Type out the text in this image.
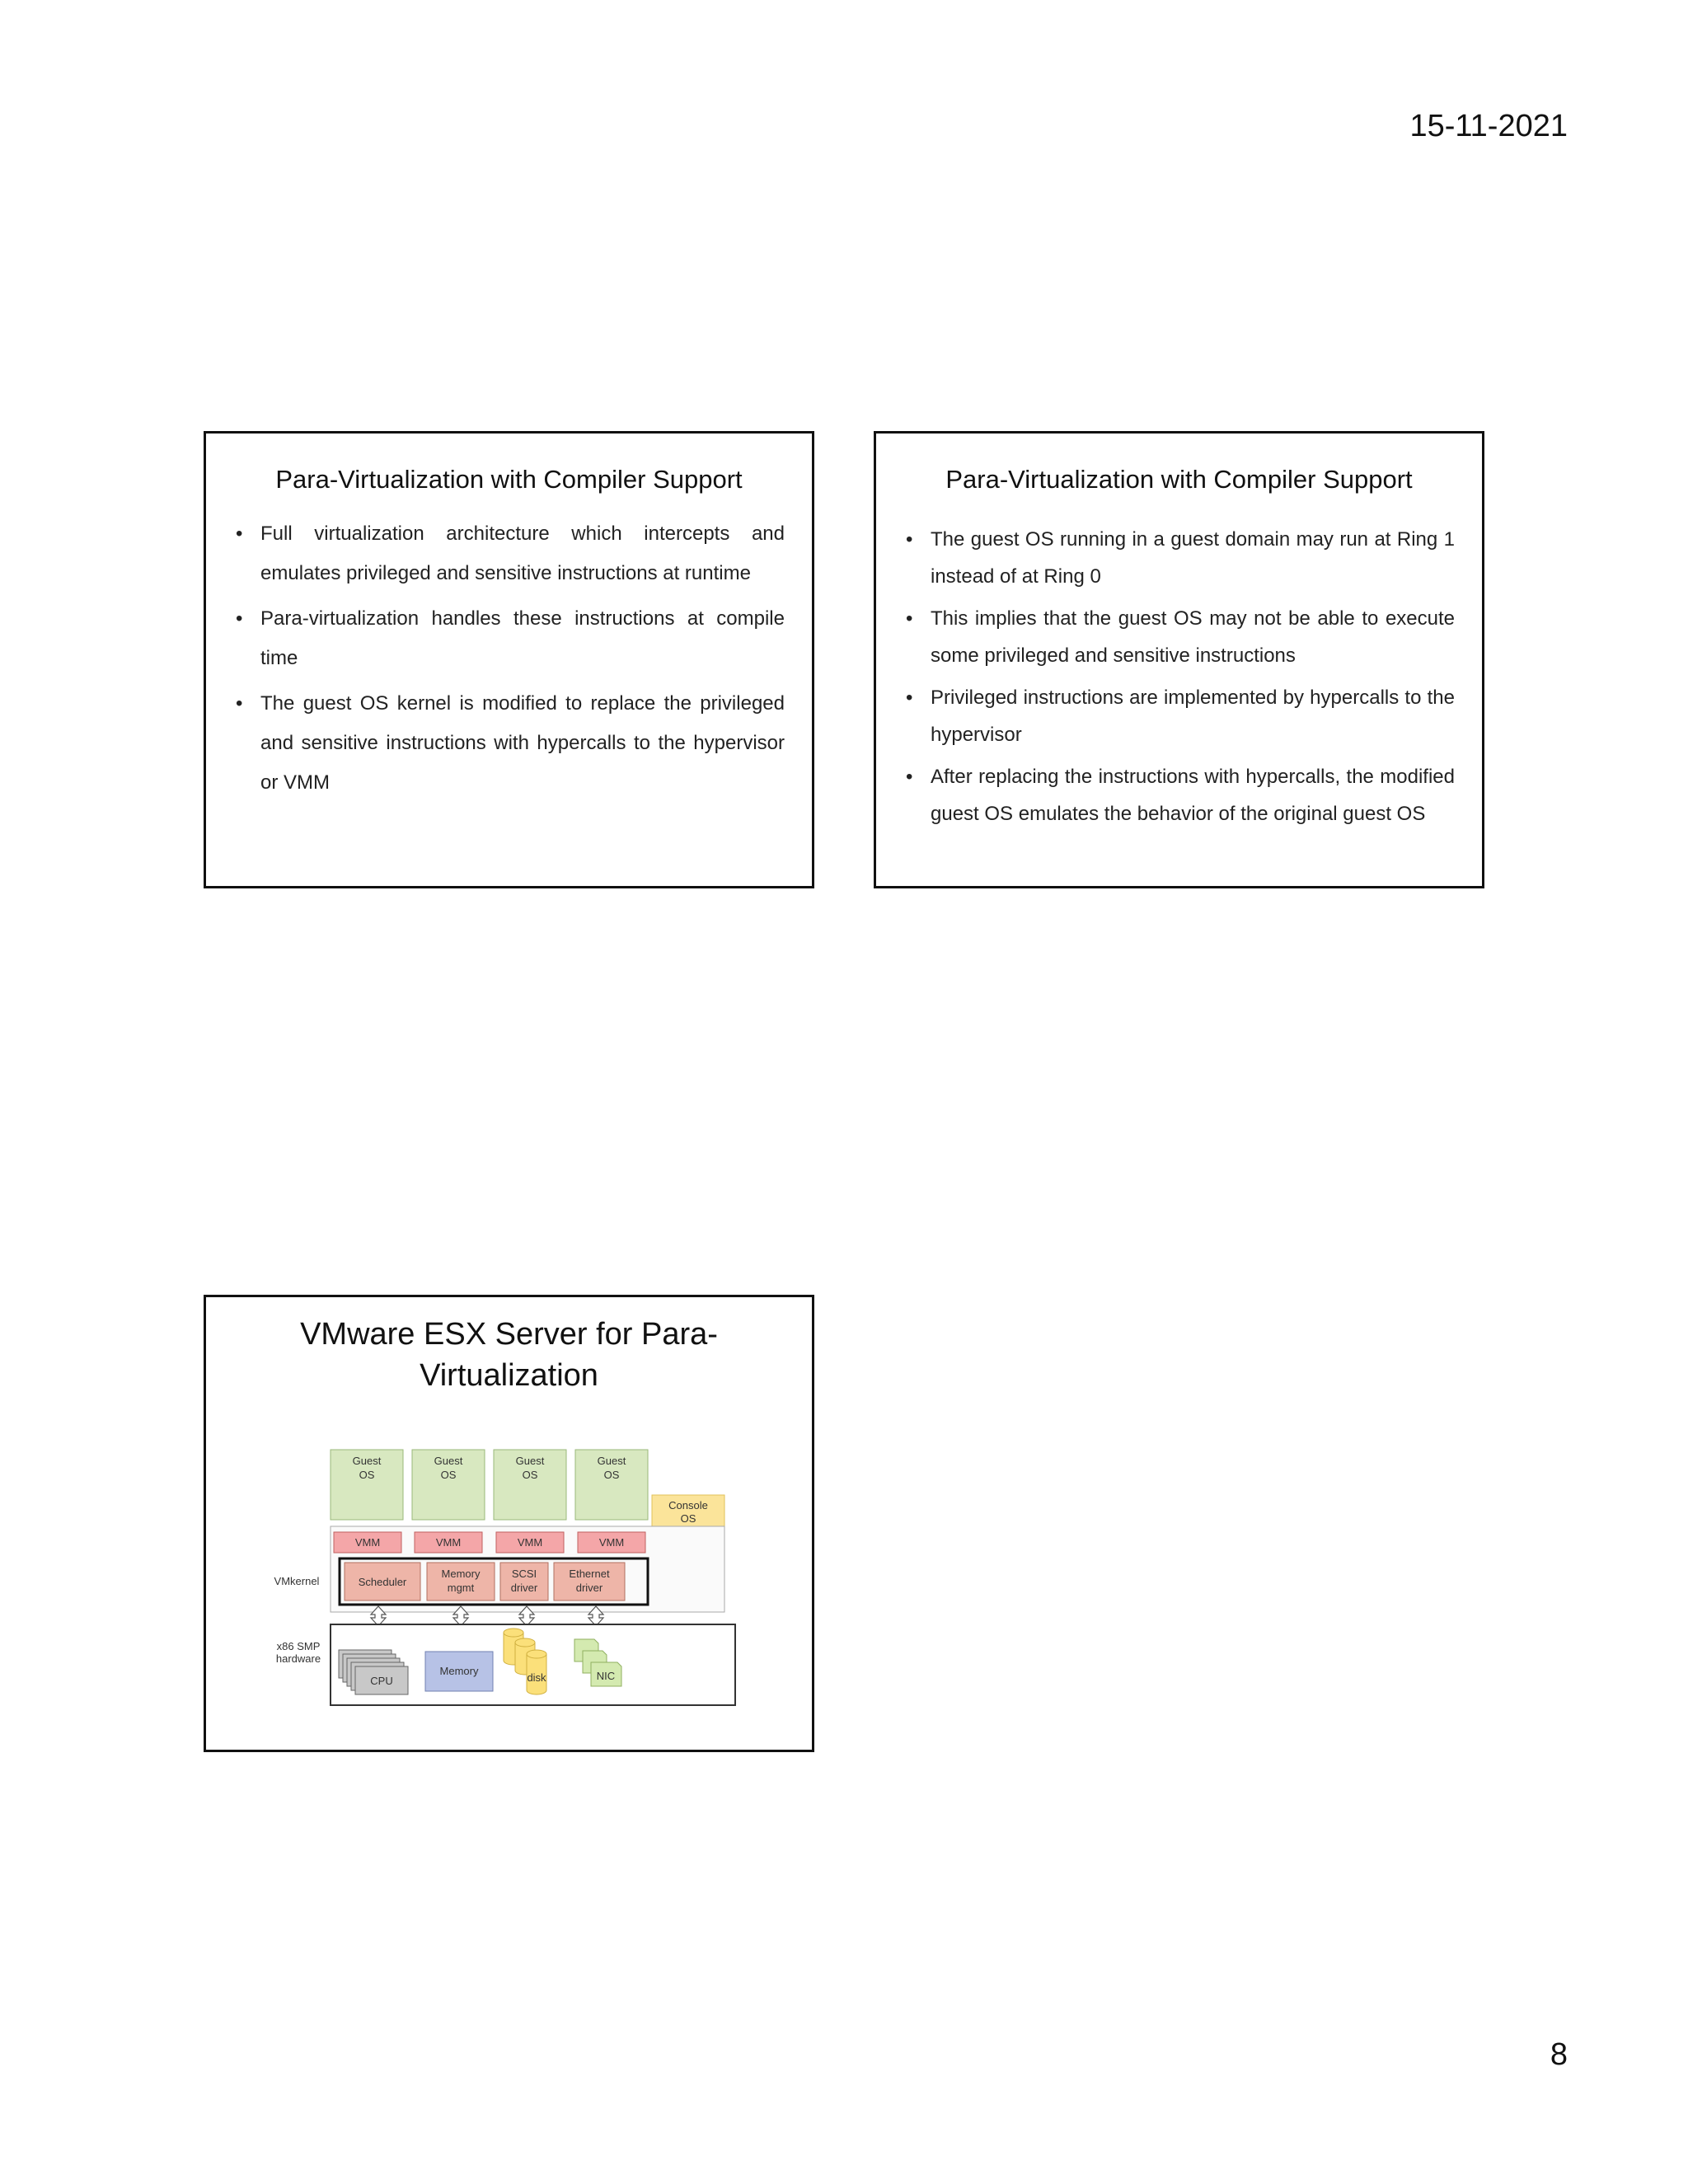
15-11-2021
Para-Virtualization with Compiler Support
• Full virtualization architecture which intercepts and emulates privileged and sensitive instructions at runtime
• Para-virtualization handles these instructions at compile time
• The guest OS kernel is modified to replace the privileged and sensitive instructions with hypercalls to the hypervisor or VMM
Para-Virtualization with Compiler Support
• The guest OS running in a guest domain may run at Ring 1 instead of at Ring 0
• This implies that the guest OS may not be able to execute some privileged and sensitive instructions
• Privileged instructions are implemented by hypercalls to the hypervisor
• After replacing the instructions with hypercalls, the modified guest OS emulates the behavior of the original guest OS
VMware ESX Server for Para-
Virtualization
Guest
OS
Guest
OS
Guest
OS
Guest
OS
Console
OS
VMM	VMM	VMM	VMM
VMkernel	Scheduler
Memory
mgmt
SCSI
driver
Ethernet
driver
x86 SMP
hardware
CPU
Memory
disk	NIC
8
